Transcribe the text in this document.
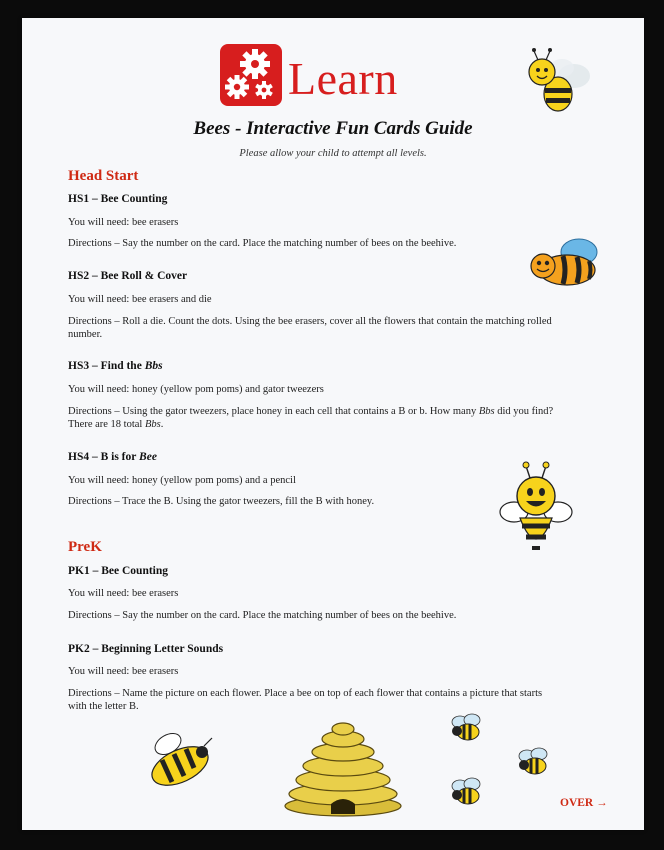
Learn
Bees - Interactive Fun Cards Guide
Please allow your child to attempt all levels.
Head Start
HS1 – Bee Counting
You will need: bee erasers
Directions – Say the number on the card. Place the matching number of bees on the beehive.
HS2 – Bee Roll & Cover
You will need: bee erasers and die
Directions – Roll a die. Count the dots. Using the bee erasers, cover all the flowers that contain the matching rolled
number.
HS3 – Find the Bbs
You will need: honey (yellow pom poms) and gator tweezers
Directions – Using the gator tweezers, place honey in each cell that contains a B or b. How many Bbs did you find?
There are 18 total Bbs.
HS4 – B is for Bee
You will need: honey (yellow pom poms) and a pencil
Directions – Trace the B. Using the gator tweezers, fill the B with honey.
PreK
PK1 – Bee Counting
You will need: bee erasers
Directions – Say the number on the card. Place the matching number of bees on the beehive.
PK2 – Beginning Letter Sounds
You will need: bee erasers
Directions – Name the picture on each flower. Place a bee on top of each flower that contains a picture that starts
with the letter B.
OVER →
